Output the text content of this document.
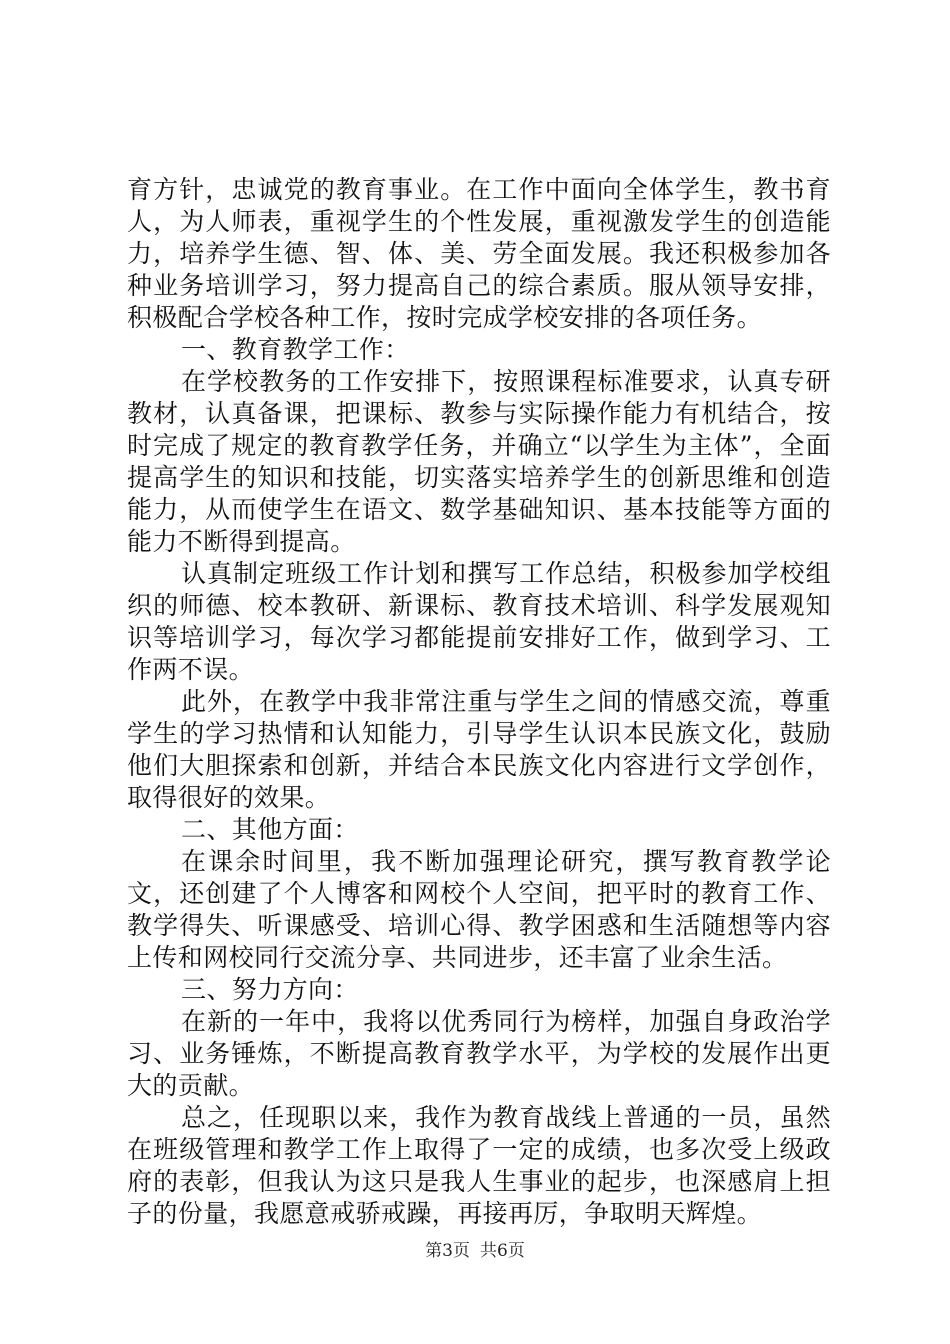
育方针，忠诚党的教育事业。在工作中面向全体学生，教书育人，为人师表，重视学生的个性发展，重视激发学生的创造能力，培养学生德、智、体、美、劳全面发展。我还积极参加各种业务培训学习，努力提高自己的综合素质。服从领导安排，积极配合学校各种工作，按时完成学校安排的各项任务。

一、教育教学工作：

在学校教务的工作安排下，按照课程标准要求，认真专研教材，认真备课，把课标、教参与实际操作能力有机结合，按时完成了规定的教育教学任务，并确立“以学生为主体”，全面提高学生的知识和技能，切实落实培养学生的创新思维和创造能力，从而使学生在语文、数学基础知识、基本技能等方面的能力不断得到提高。

认真制定班级工作计划和撰写工作总结，积极参加学校组织的师德、校本教研、新课标、教育技术培训、科学发展观知识等培训学习，每次学习都能提前安排好工作，做到学习、工作两不误。

此外，在教学中我非常注重与学生之间的情感交流，尊重学生的学习热情和认知能力，引导学生认识本民族文化，鼓励他们大胆探索和创新，并结合本民族文化内容进行文学创作，取得很好的效果。

二、其他方面：

在课余时间里，我不断加强理论研究，撰写教育教学论文，还创建了个人博客和网校个人空间，把平时的教育工作、教学得失、听课感受、培训心得、教学困惑和生活随想等内容上传和网校同行交流分享、共同进步，还丰富了业余生活。

三、努力方向：

在新的一年中，我将以优秀同行为榜样，加强自身政治学习、业务锤炼，不断提高教育教学水平，为学校的发展作出更大的贡献。

总之，任现职以来，我作为教育战线上普通的一员，虽然在班级管理和教学工作上取得了一定的成绩，也多次受上级政府的表彰，但我认为这只是我人生事业的起步，也深感肩上担子的份量，我愿意戒骄戒躁，再接再厉，争取明天辉煌。

第3页 共6页
